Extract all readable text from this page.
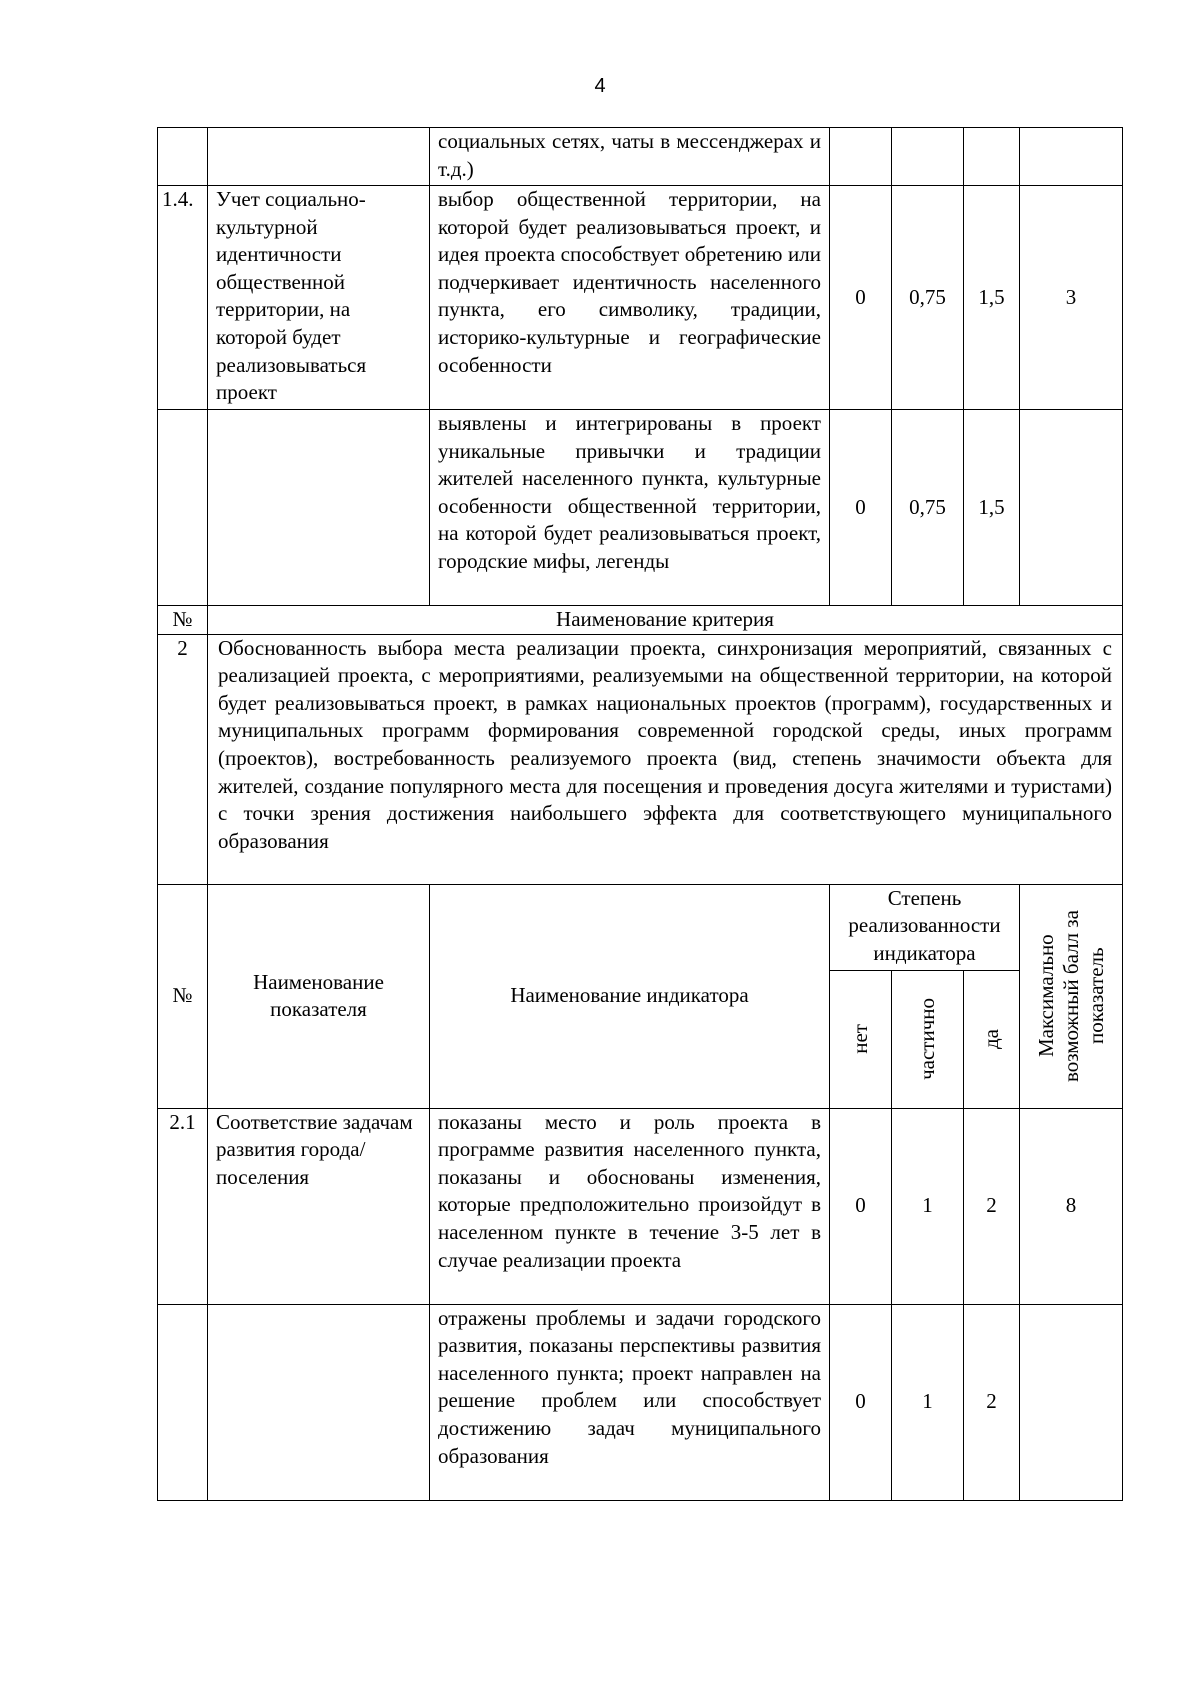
4
		социальных сетях, чаты в мессенджерах и т.д.)				
1.4.	Учет социально-культурной идентичности общественной территории, на которой будет реализовываться проект	выбор общественной территории, на которой будет реализовываться проект, и идея проекта способствует обретению или подчеркивает идентичность населенного пункта, его символику, традиции, историко-культурные и географические особенности	0	0,75	1,5	3
		выявлены и интегрированы в проект уникальные привычки и традиции жителей населенного пункта, культурные особенности общественной территории, на которой будет реализовываться проект, городские мифы, легенды	0	0,75	1,5	
№	Наименование критерия					
2	Обоснованность выбора места реализации проекта, синхронизация мероприятий, связанных с реализацией проекта, с мероприятиями, реализуемыми на общественной территории, на которой будет реализовываться проект, в рамках национальных проектов (программ), государственных и муниципальных программ формирования современной городской среды, иных программ (проектов), востребованность реализуемого проекта (вид, степень значимости объекта для жителей, создание популярного места для посещения и проведения досуга жителями и туристами) с точки зрения достижения наибольшего эффекта для соответствующего муниципального образования					
№	Наименование показателя	Наименование индикатора	Степень реализованности индикатора			Максимально возможный балл за показатель

			нет	частично	да	

2.1	Соответствие задачам развития города/поселения	показаны место и роль проекта в программе развития населенного пункта, показаны и обоснованы изменения, которые предположительно произойдут в населенном пункте в течение 3-5 лет в случае реализации проекта	0	1	2	8
		отражены проблемы и задачи городского развития, показаны перспективы развития населенного пункта; проект направлен на решение проблем или способствует достижению задач муниципального образования	0	1	2	
